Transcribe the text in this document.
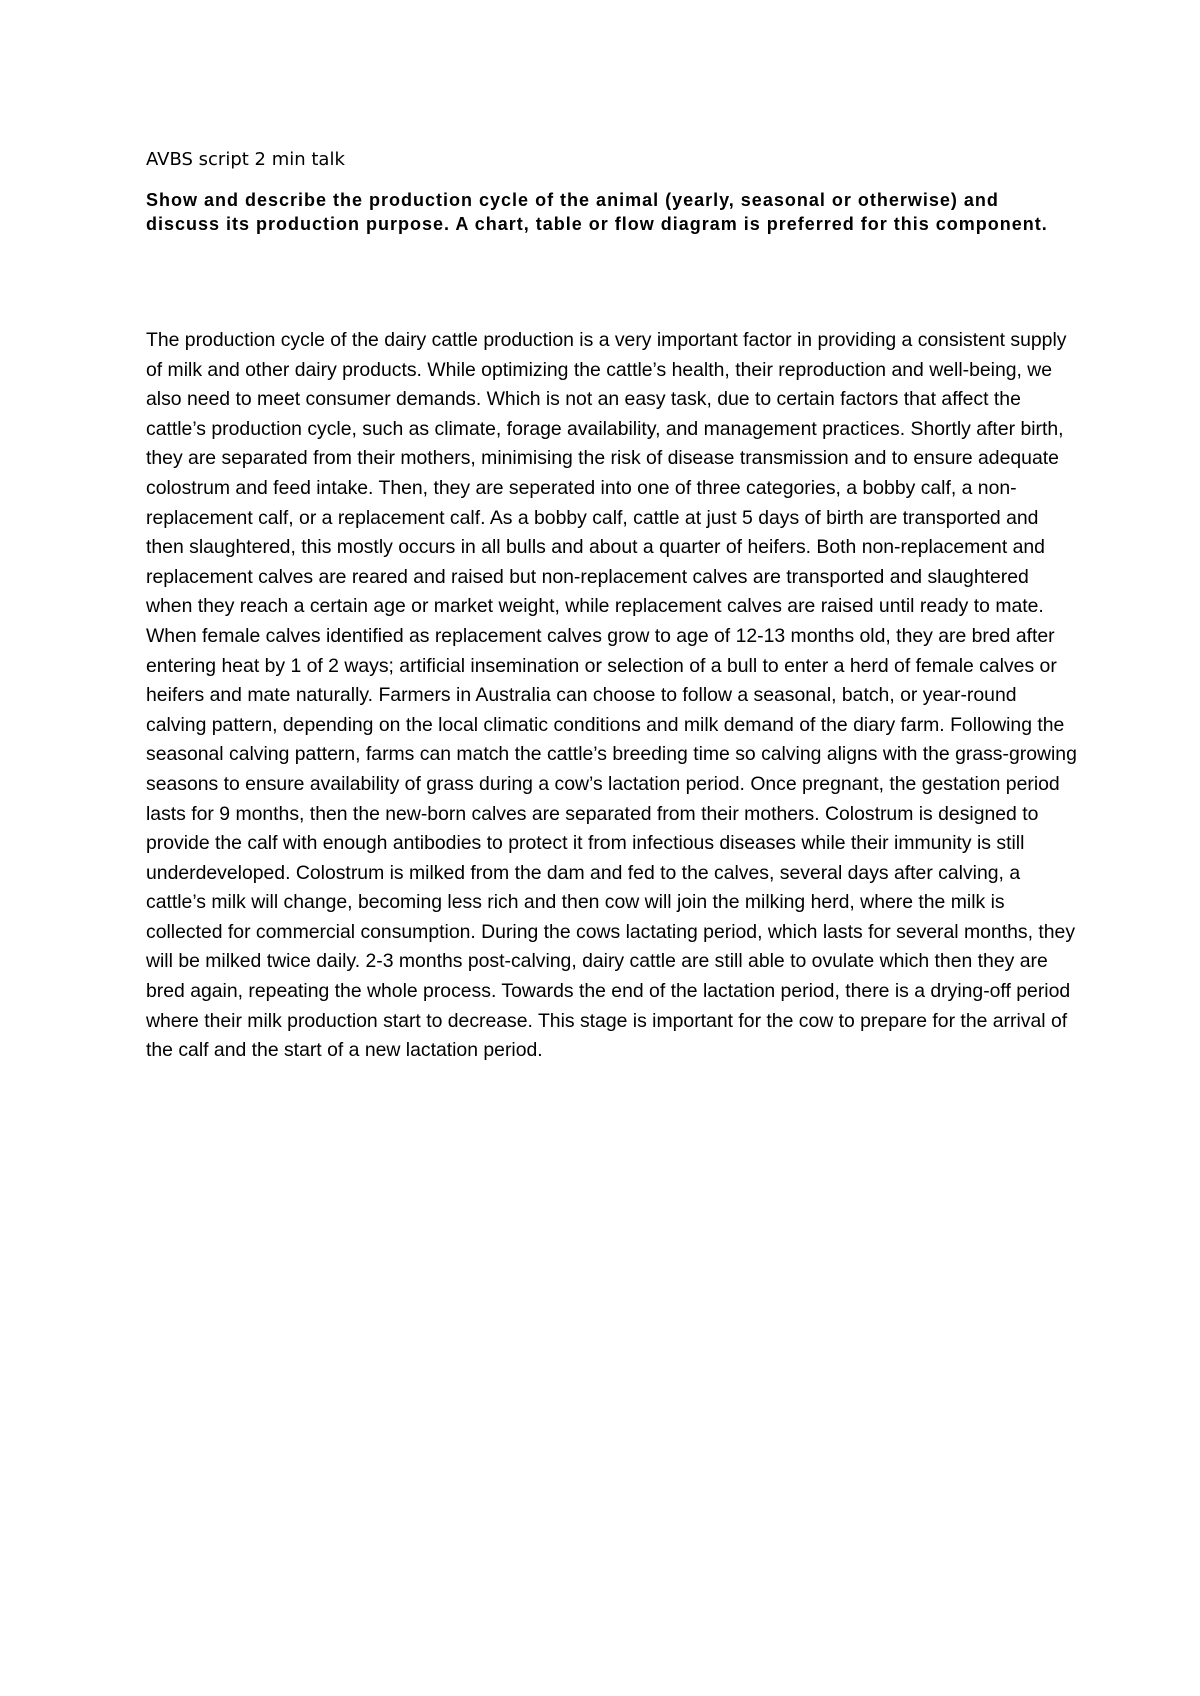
AVBS script 2 min talk
Show and describe the production cycle of the animal (yearly, seasonal or otherwise) and discuss its production purpose. A chart, table or flow diagram is preferred for this component.
The production cycle of the dairy cattle production is a very important factor in providing a consistent supply of milk and other dairy products. While optimizing the cattle’s health, their reproduction and well-being, we also need to meet consumer demands. Which is not an easy task, due to certain factors that affect the cattle’s production cycle, such as climate, forage availability, and management practices. Shortly after birth, they are separated from their mothers, minimising the risk of disease transmission and to ensure adequate colostrum and feed intake. Then, they are seperated into one of three categories, a bobby calf, a non-replacement calf, or a replacement calf. As a bobby calf, cattle at just 5 days of birth are transported and then slaughtered, this mostly occurs in all bulls and about a quarter of heifers. Both non-replacement and replacement calves are reared and raised but non-replacement calves are transported and slaughtered when they reach a certain age or market weight, while replacement calves are raised until ready to mate. When female calves identified as replacement calves grow to age of 12-13 months old, they are bred after entering heat by 1 of 2 ways; artificial insemination or selection of a bull to enter a herd of female calves or heifers and mate naturally. Farmers in Australia can choose to follow a seasonal, batch, or year-round calving pattern, depending on the local climatic conditions and milk demand of the diary farm. Following the seasonal calving pattern, farms can match the cattle’s breeding time so calving aligns with the grass-growing seasons to ensure availability of grass during a cow’s lactation period. Once pregnant, the gestation period lasts for 9 months, then the new-born calves are separated from their mothers. Colostrum is designed to provide the calf with enough antibodies to protect it from infectious diseases while their immunity is still underdeveloped. Colostrum is milked from the dam and fed to the calves, several days after calving, a cattle’s milk will change, becoming less rich and then cow will join the milking herd, where the milk is collected for commercial consumption. During the cows lactating period, which lasts for several months, they will be milked twice daily. 2-3 months post-calving, dairy cattle are still able to ovulate which then they are bred again, repeating the whole process. Towards the end of the lactation period, there is a drying-off period where their milk production start to decrease. This stage is important for the cow to prepare for the arrival of the calf and the start of a new lactation period.
